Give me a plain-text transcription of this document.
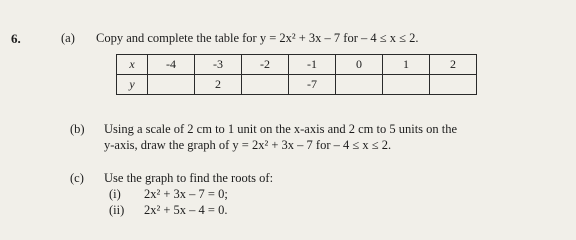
6.	(a) Copy and complete the table for y = 2x² + 3x – 7 for – 4 ≤ x ≤ 2.
x	-4	-3	-2	-1	0	1	2
y		2		-7			
(b) Using a scale of 2 cm to 1 unit on the x-axis and 2 cm to 5 units on the
y-axis, draw the graph of y = 2x² + 3x – 7 for – 4 ≤ x ≤ 2.
(c) Use the graph to find the roots of:
(i) 2x² + 3x – 7 = 0;
(ii) 2x² + 5x – 4 = 0.
